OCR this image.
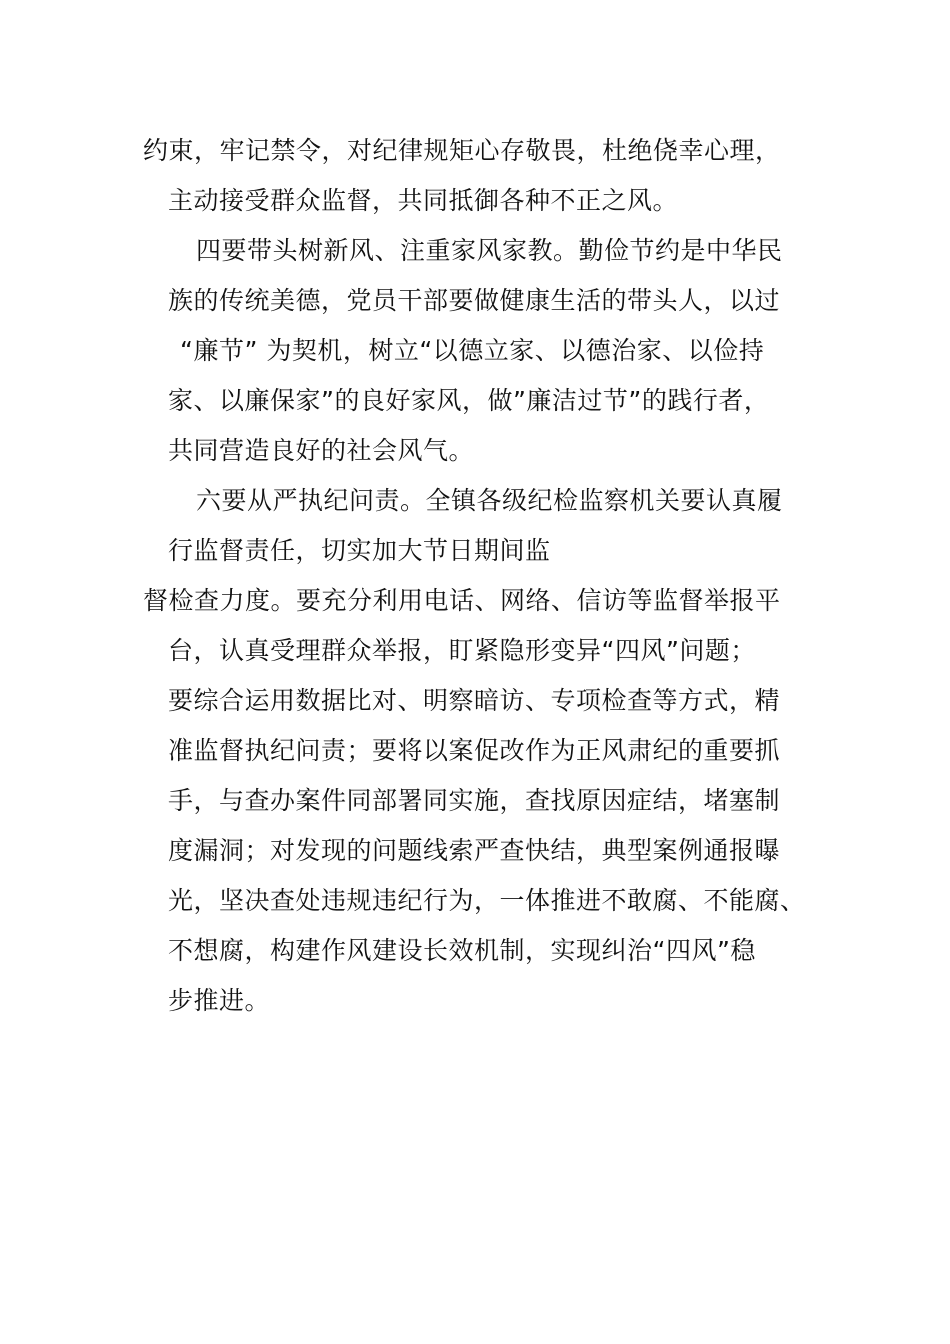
约束，牢记禁令，对纪律规矩心存敬畏，杜绝侥幸心理，
主动接受群众监督，共同抵御各种不正之风。
四要带头树新风、注重家风家教。勤俭节约是中华民
族的传统美德，党员干部要做健康生活的带头人，以过
“廉节” 为契机，树立“以德立家、以德治家、以俭持
家、以廉保家”的良好家风，做”廉洁过节”的践行者，
共同营造良好的社会风气。
六要从严执纪问责。全镇各级纪检监察机关要认真履
行监督责任，切实加大节日期间监
督检查力度。要充分利用电话、网络、信访等监督举报平
台，认真受理群众举报，盯紧隐形变异“四风”问题；
要综合运用数据比对、明察暗访、专项检查等方式，精
准监督执纪问责；要将以案促改作为正风肃纪的重要抓
手，与查办案件同部署同实施，查找原因症结，堵塞制
度漏洞；对发现的问题线索严查快结，典型案例通报曝
光，坚决查处违规违纪行为，一体推进不敢腐、不能腐、
不想腐，构建作风建设长效机制，实现纠治“四风”稳
步推进。
